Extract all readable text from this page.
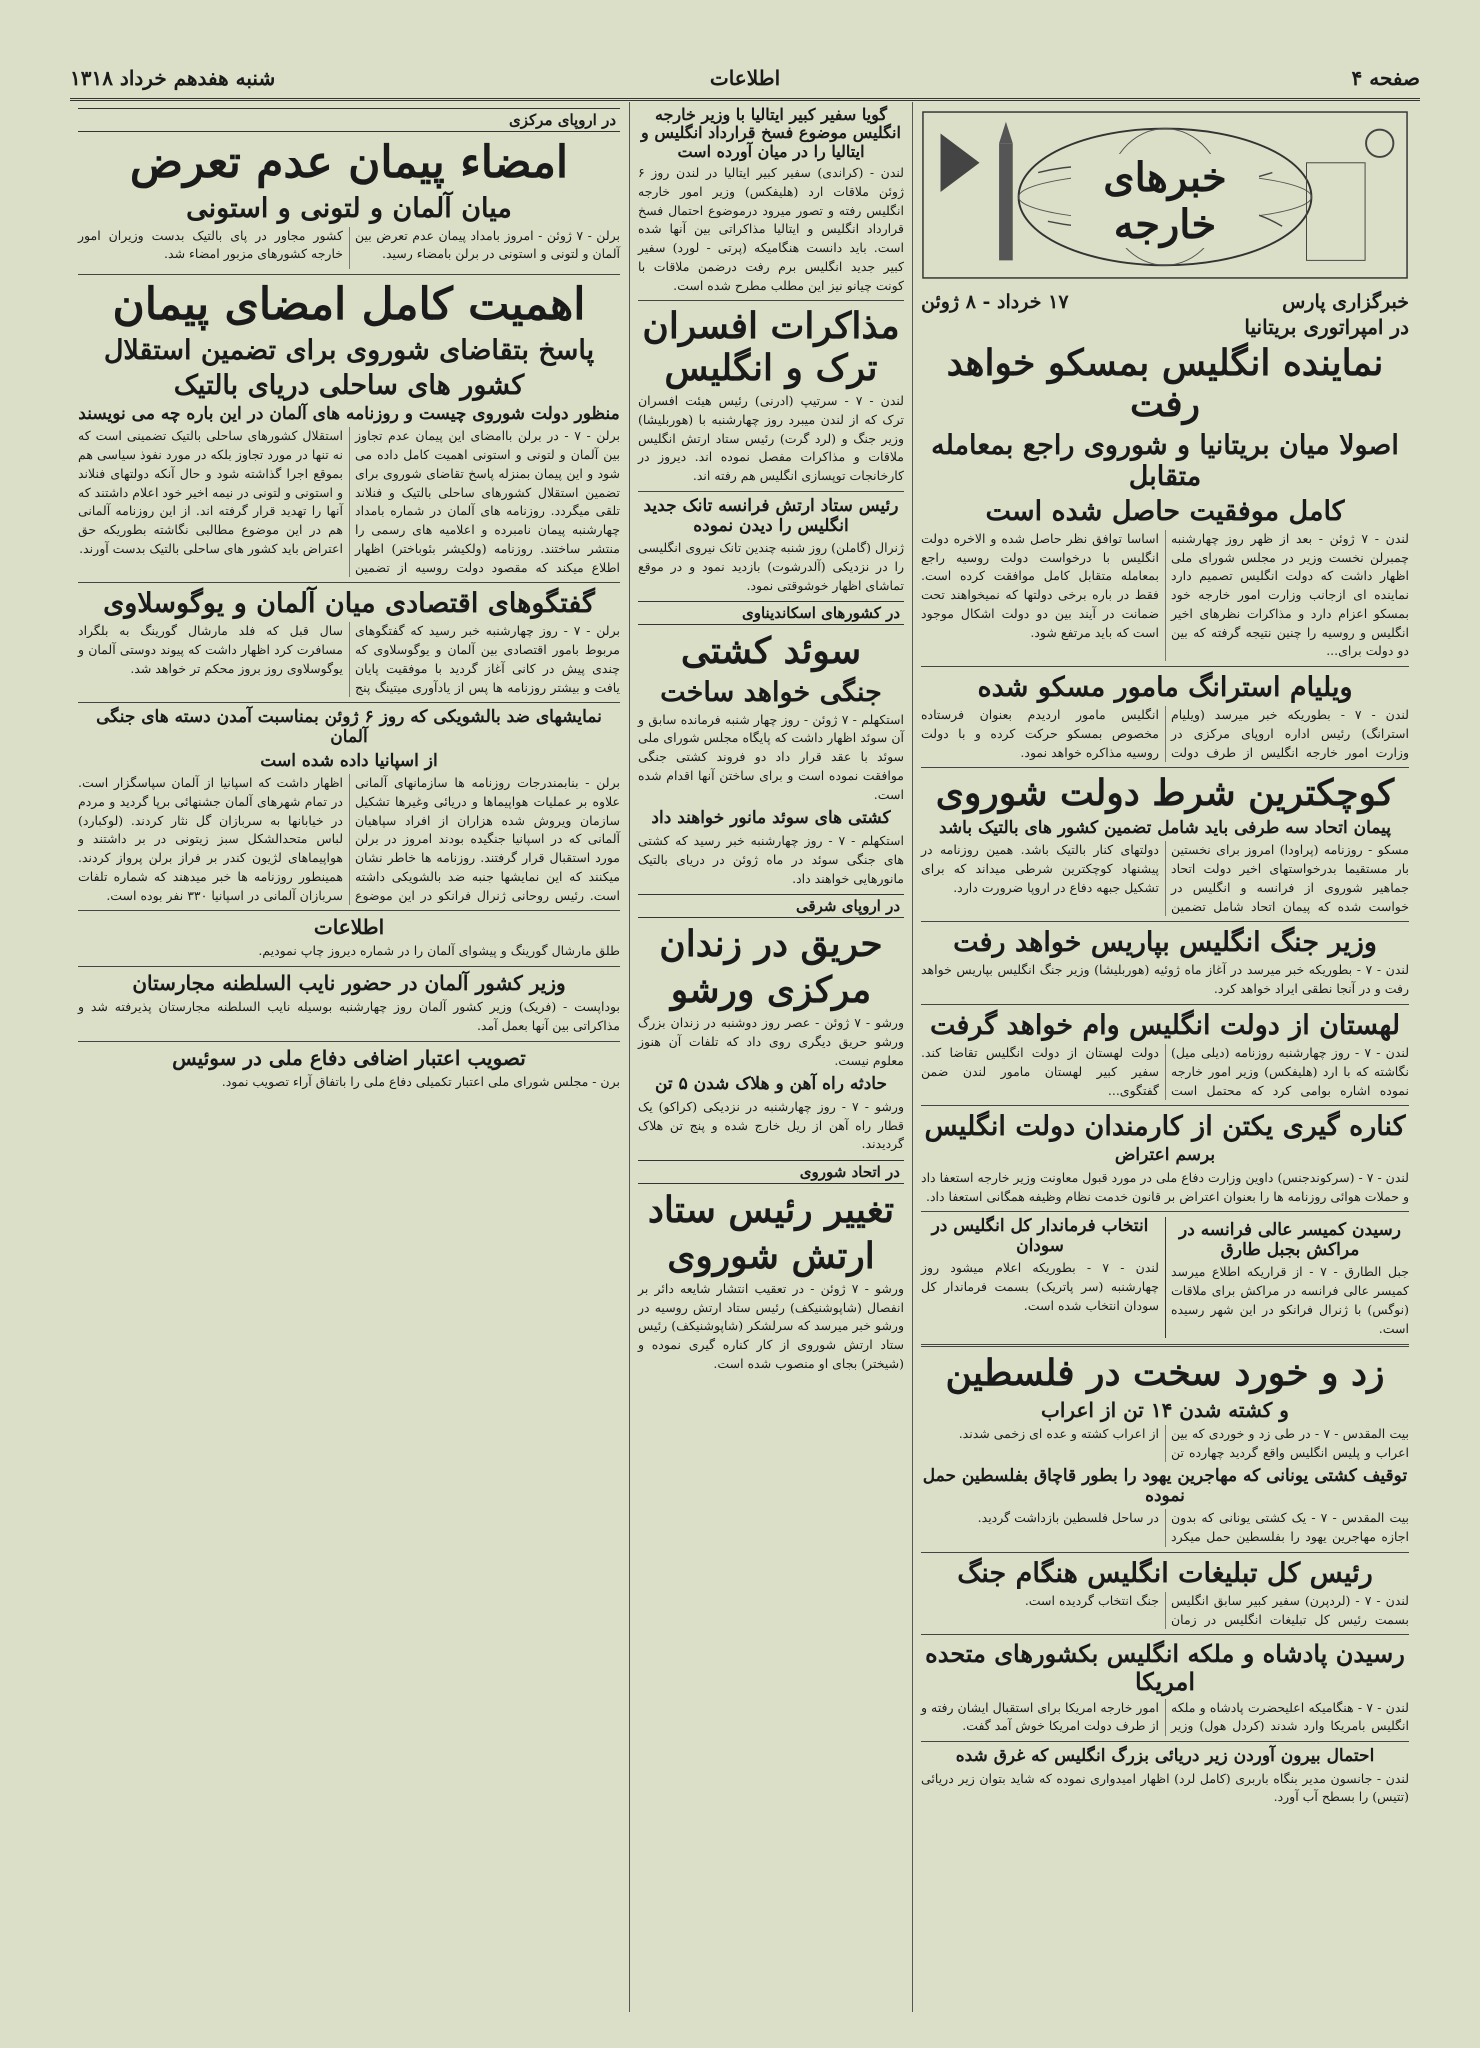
صفحه ۴
اطلاعات
شنبه هفدهم خرداد ۱۳۱۸
خبرهای خارجه
خبرگزاری پارس
۱۷ خرداد - ۸ ژوئن
در امپراتوری بریتانیا
نماینده انگلیس بمسکو خواهد رفت
اصولا میان بریتانیا و شوروی راجع بمعامله متقابل
کامل موفقیت حاصل شده است

لندن - ۷ ژوئن - بعد از ظهر روز چهارشنبه چمبرلن نخست وزیر در مجلس شورای ملی اظهار داشت که دولت انگلیس تصمیم دارد نماینده ای ازجانب وزارت امور خارجه خود بمسکو اعزام دارد و مذاکرات نظرهای اخیر انگلیس و روسیه را چنین نتیجه گرفته که بین دو دولت برای...

اساسا توافق نظر حاصل شده و الاخره دولت انگلیس با درخواست دولت روسیه راجع بمعامله متقابل کامل موافقت کرده است. فقط در باره برخی دولتها که نمیخواهند تحت ضمانت در آیند بین دو دولت اشکال موجود است که باید مرتفع شود.

ویلیام استرانگ مامور مسکو شده

لندن - ۷ - بطوریکه خبر میرسد (ویلیام استرانگ) رئیس اداره اروپای مرکزی در وزارت امور خارجه انگلیس از طرف دولت انگلیس مامور اردیدم بعنوان فرستاده مخصوص بمسکو حرکت کرده و با دولت روسیه مذاکره خواهد نمود.

کوچکترین شرط دولت شوروی
پیمان اتحاد سه طرفی باید شامل تضمین کشور های بالتیک باشد

مسکو - روزنامه (پراودا) امروز برای نخستین بار مستقیما بدرخواستهای اخیر دولت اتحاد جماهیر شوروی از فرانسه و انگلیس در خواست شده که پیمان اتحاد شامل تضمین دولتهای کنار بالتیک باشد. همین روزنامه در پیشنهاد کوچکترین شرطی میداند که برای تشکیل جبهه دفاع در اروپا ضرورت دارد.

وزیر جنگ انگلیس بپاریس خواهد رفت

لندن - ۷ - بطوریکه خبر میرسد در آغاز ماه ژوئیه (هوربلیشا) وزیر جنگ انگلیس بپاریس خواهد رفت و در آنجا نطقی ایراد خواهد کرد.

لهستان از دولت انگلیس وام خواهد گرفت

لندن - ۷ - روز چهارشنبه روزنامه (دیلی میل) نگاشته که با ارد (هلیفکس) وزیر امور خارجه نموده اشاره بوامی کرد که محتمل است دولت لهستان از دولت انگلیس تقاضا کند. سفیر کبیر لهستان مامور لندن ضمن گفتگوی...

کناره گیری یکتن از کارمندان دولت انگلیس
برسم اعتراض

لندن - ۷ - (سرکوندجنس) داوین وزارت دفاع ملی در مورد قبول معاونت وزیر خارجه استعفا داد و حملات هوائی روزنامه ها را بعنوان اعتراض بر قانون خدمت نظام وظیفه همگانی استعفا داد.

رسیدن کمیسر عالی فرانسه در مراکش بجبل طارق

جبل الطارق - ۷ - از قراریکه اطلاع میرسد کمیسر عالی فرانسه در مراکش برای ملاقات (نوگس) با ژنرال فرانکو در این شهر رسیده است.

انتخاب فرماندار کل انگلیس در سودان

لندن - ۷ - بطوریکه اعلام میشود روز چهارشنبه (سر پاتریک) بسمت فرماندار کل سودان انتخاب شده است.

زد و خورد سخت در فلسطین
و کشته شدن ۱۴ تن از اعراب

بیت المقدس - ۷ - در طی زد و خوردی که بین اعراب و پلیس انگلیس واقع گردید چهارده تن از اعراب کشته و عده ای زخمی شدند.

توقیف کشتی یونانی که مهاجرین یهود را بطور قاچاق بفلسطین حمل نموده

بیت المقدس - ۷ - یک کشتی یونانی که بدون اجازه مهاجرین یهود را بفلسطین حمل میکرد در ساحل فلسطین بازداشت گردید.

رئیس کل تبلیغات انگلیس هنگام جنگ

لندن - ۷ - (لردپرن) سفیر کبیر سابق انگلیس بسمت رئیس کل تبلیغات انگلیس در زمان جنگ انتخاب گردیده است.

رسیدن پادشاه و ملکه انگلیس بکشورهای متحده امریکا

لندن - ۷ - هنگامیکه اعلیحضرت پادشاه و ملکه انگلیس بامریکا وارد شدند (کردل هول) وزیر امور خارجه امریکا برای استقبال ایشان رفته و از طرف دولت امریکا خوش آمد گفت.

احتمال بیرون آوردن زیر دریائی بزرگ انگلیس که غرق شده

لندن - جانسون مدیر بنگاه باربری (کامل لرد) اظهار امیدواری نموده که شاید بتوان زیر دریائی (تتیس) را بسطح آب آورد.

گویا سفیر کبیر ایتالیا با وزیر خارجه انگلیس موضوع فسخ قرارداد انگلیس و ایتالیا را در میان آورده است

لندن - (کراندی) سفیر کبیر ایتالیا در لندن روز ۶ ژوئن ملاقات ارد (هلیفکس) وزیر امور خارجه انگلیس رفته و تصور میرود درموضوع احتمال فسخ قرارداد انگلیس و ایتالیا مذاکراتی بین آنها شده است. باید دانست هنگامیکه (پرتی - لورد) سفیر کبیر جدید انگلیس برم رفت درضمن ملاقات با کونت چیانو نیز این مطلب مطرح شده است.

مذاکرات افسران ترک و انگلیس

لندن - ۷ - سرتیپ (ادرنی) رئیس هیئت افسران ترک که از لندن میبرد روز چهارشنبه با (هوربلیشا) وزیر جنگ و (لرد گرت) رئیس ستاد ارتش انگلیس ملاقات و مذاکرات مفصل نموده اند. دیروز در کارخانجات توپسازی انگلیس هم رفته اند.

رئیس ستاد ارتش فرانسه تانک جدید انگلیس را دیدن نموده

ژنرال (گاملن) روز شنبه چندین تانک نیروی انگلیسی را در نزدیکی (آلدرشوت) بازدید نمود و در موقع تماشای اظهار خوشوقتی نمود.

در کشورهای اسکاندیناوی
سوئد کشتی
جنگی خواهد ساخت

استکهلم - ۷ ژوئن - روز چهار شنبه فرمانده سابق و آن سوئد اظهار داشت که پایگاه مجلس شورای ملی سوئد با عقد قرار داد دو فروند کشتی جنگی موافقت نموده است و برای ساختن آنها اقدام شده است.

کشتی های سوئد مانور خواهند داد

استکهلم - ۷ - روز چهارشنبه خبر رسید که کشتی های جنگی سوئد در ماه ژوئن در دریای بالتیک مانورهایی خواهند داد.

در اروپای شرقی
حریق در زندان
مرکزی ورشو

ورشو - ۷ ژوئن - عصر روز دوشنبه در زندان بزرگ ورشو حریق دیگری روی داد که تلفات آن هنوز معلوم نیست.

حادثه راه آهن و هلاک شدن ۵ تن

ورشو - ۷ - روز چهارشنبه در نزدیکی (کراکو) یک قطار راه آهن از ریل خارج شده و پنج تن هلاک گردیدند.

در اتحاد شوروی
تغییر رئیس ستاد
ارتش شوروی

ورشو - ۷ ژوئن - در تعقیب انتشار شایعه دائر بر انفصال (شاپوشنیکف) رئیس ستاد ارتش روسیه در ورشو خبر میرسد که سرلشکر (شاپوشنیکف) رئیس ستاد ارتش شوروی از کار کناره گیری نموده و (شیختر) بجای او منصوب شده است.

در اروپای مرکزی
امضاء پیمان عدم تعرض
میان آلمان و لتونی و استونی

برلن - ۷ ژوئن - امروز بامداد پیمان عدم تعرض بین آلمان و لتونی و استونی در برلن بامضاء رسید.

کشور مجاور در پای بالتیک بدست وزیران امور خارجه کشورهای مزبور امضاء شد.

اهمیت کامل امضای پیمان
پاسخ بتقاضای شوروی برای تضمین استقلال
کشور های ساحلی دریای بالتیک
منظور دولت شوروی چیست و روزنامه های آلمان در این باره چه می نویسند

برلن - ۷ - در برلن باامضای این پیمان عدم تجاوز بین آلمان و لتونی و استونی اهمیت کامل داده می شود و این پیمان بمنزله پاسخ تقاضای شوروی برای تضمین استقلال کشورهای ساحلی بالتیک و فنلاند تلقی میگردد. روزنامه های آلمان در شماره بامداد چهارشنبه پیمان نامبرده و اعلامیه های رسمی را منتشر ساختند. روزنامه (ولکیشر بئوباختر) اظهار اطلاع میکند که مقصود دولت روسیه از تضمین استقلال کشورهای ساحلی بالتیک تضمینی است که نه تنها در مورد تجاوز بلکه در مورد نفوذ سیاسی هم بموقع اجرا گذاشته شود و حال آنکه دولتهای فنلاند و استونی و لتونی در نیمه اخیر خود اعلام داشتند که آنها را تهدید قرار گرفته اند. از این روزنامه آلمانی هم در این موضوع مطالبی نگاشته بطوریکه حق اعتراض باید کشور های ساحلی بالتیک بدست آورند.

گفتگوهای اقتصادی میان آلمان و یوگوسلاوی

برلن - ۷ - روز چهارشنبه خبر رسید که گفتگوهای مربوط بامور اقتصادی بین آلمان و یوگوسلاوی که چندی پیش در کانی آغاز گردید با موفقیت پایان یافت و بیشتر روزنامه ها پس از یادآوری میتینگ پنج سال قبل که فلد مارشال گورینگ به بلگراد مسافرت کرد اظهار داشت که پیوند دوستی آلمان و یوگوسلاوی روز بروز محکم تر خواهد شد.

نمایشهای ضد بالشویکی که روز ۶ ژوئن بمناسبت آمدن دسته های جنگی آلمان
از اسپانیا داده شده است

برلن - بنابمندرجات روزنامه ها سازمانهای آلمانی علاوه بر عملیات هواپیماها و دریائی وغیرها تشکیل سازمان ویروش شده هزاران از افراد سپاهیان آلمانی که در اسپانیا جنگیده بودند امروز در برلن مورد استقبال قرار گرفتند. روزنامه ها خاطر نشان میکنند که این نمایشها جنبه ضد بالشویکی داشته است. رئیس روحانی ژنرال فرانکو در این موضوع اظهار داشت که اسپانیا از آلمان سپاسگزار است. در تمام شهرهای آلمان جشنهائی برپا گردید و مردم در خیابانها به سربازان گل نثار کردند. (لوکبارد) لباس متحدالشکل سبز زیتونی در بر داشتند و هواپیماهای لژیون کندر بر فراز برلن پرواز کردند. همینطور روزنامه ها خبر میدهند که شماره تلفات سربازان آلمانی در اسپانیا ۳۳۰ نفر بوده است.

اطلاعات

طلق مارشال گورینگ و پیشوای آلمان را در شماره دیروز چاپ نمودیم.

وزیر کشور آلمان در حضور نایب السلطنه مجارستان

بوداپست - (فریک) وزیر کشور آلمان روز چهارشنبه بوسیله نایب السلطنه مجارستان پذیرفته شد و مذاکراتی بین آنها بعمل آمد.

تصویب اعتبار اضافی دفاع ملی در سوئیس

برن - مجلس شورای ملی اعتبار تکمیلی دفاع ملی را باتفاق آراء تصویب نمود.
